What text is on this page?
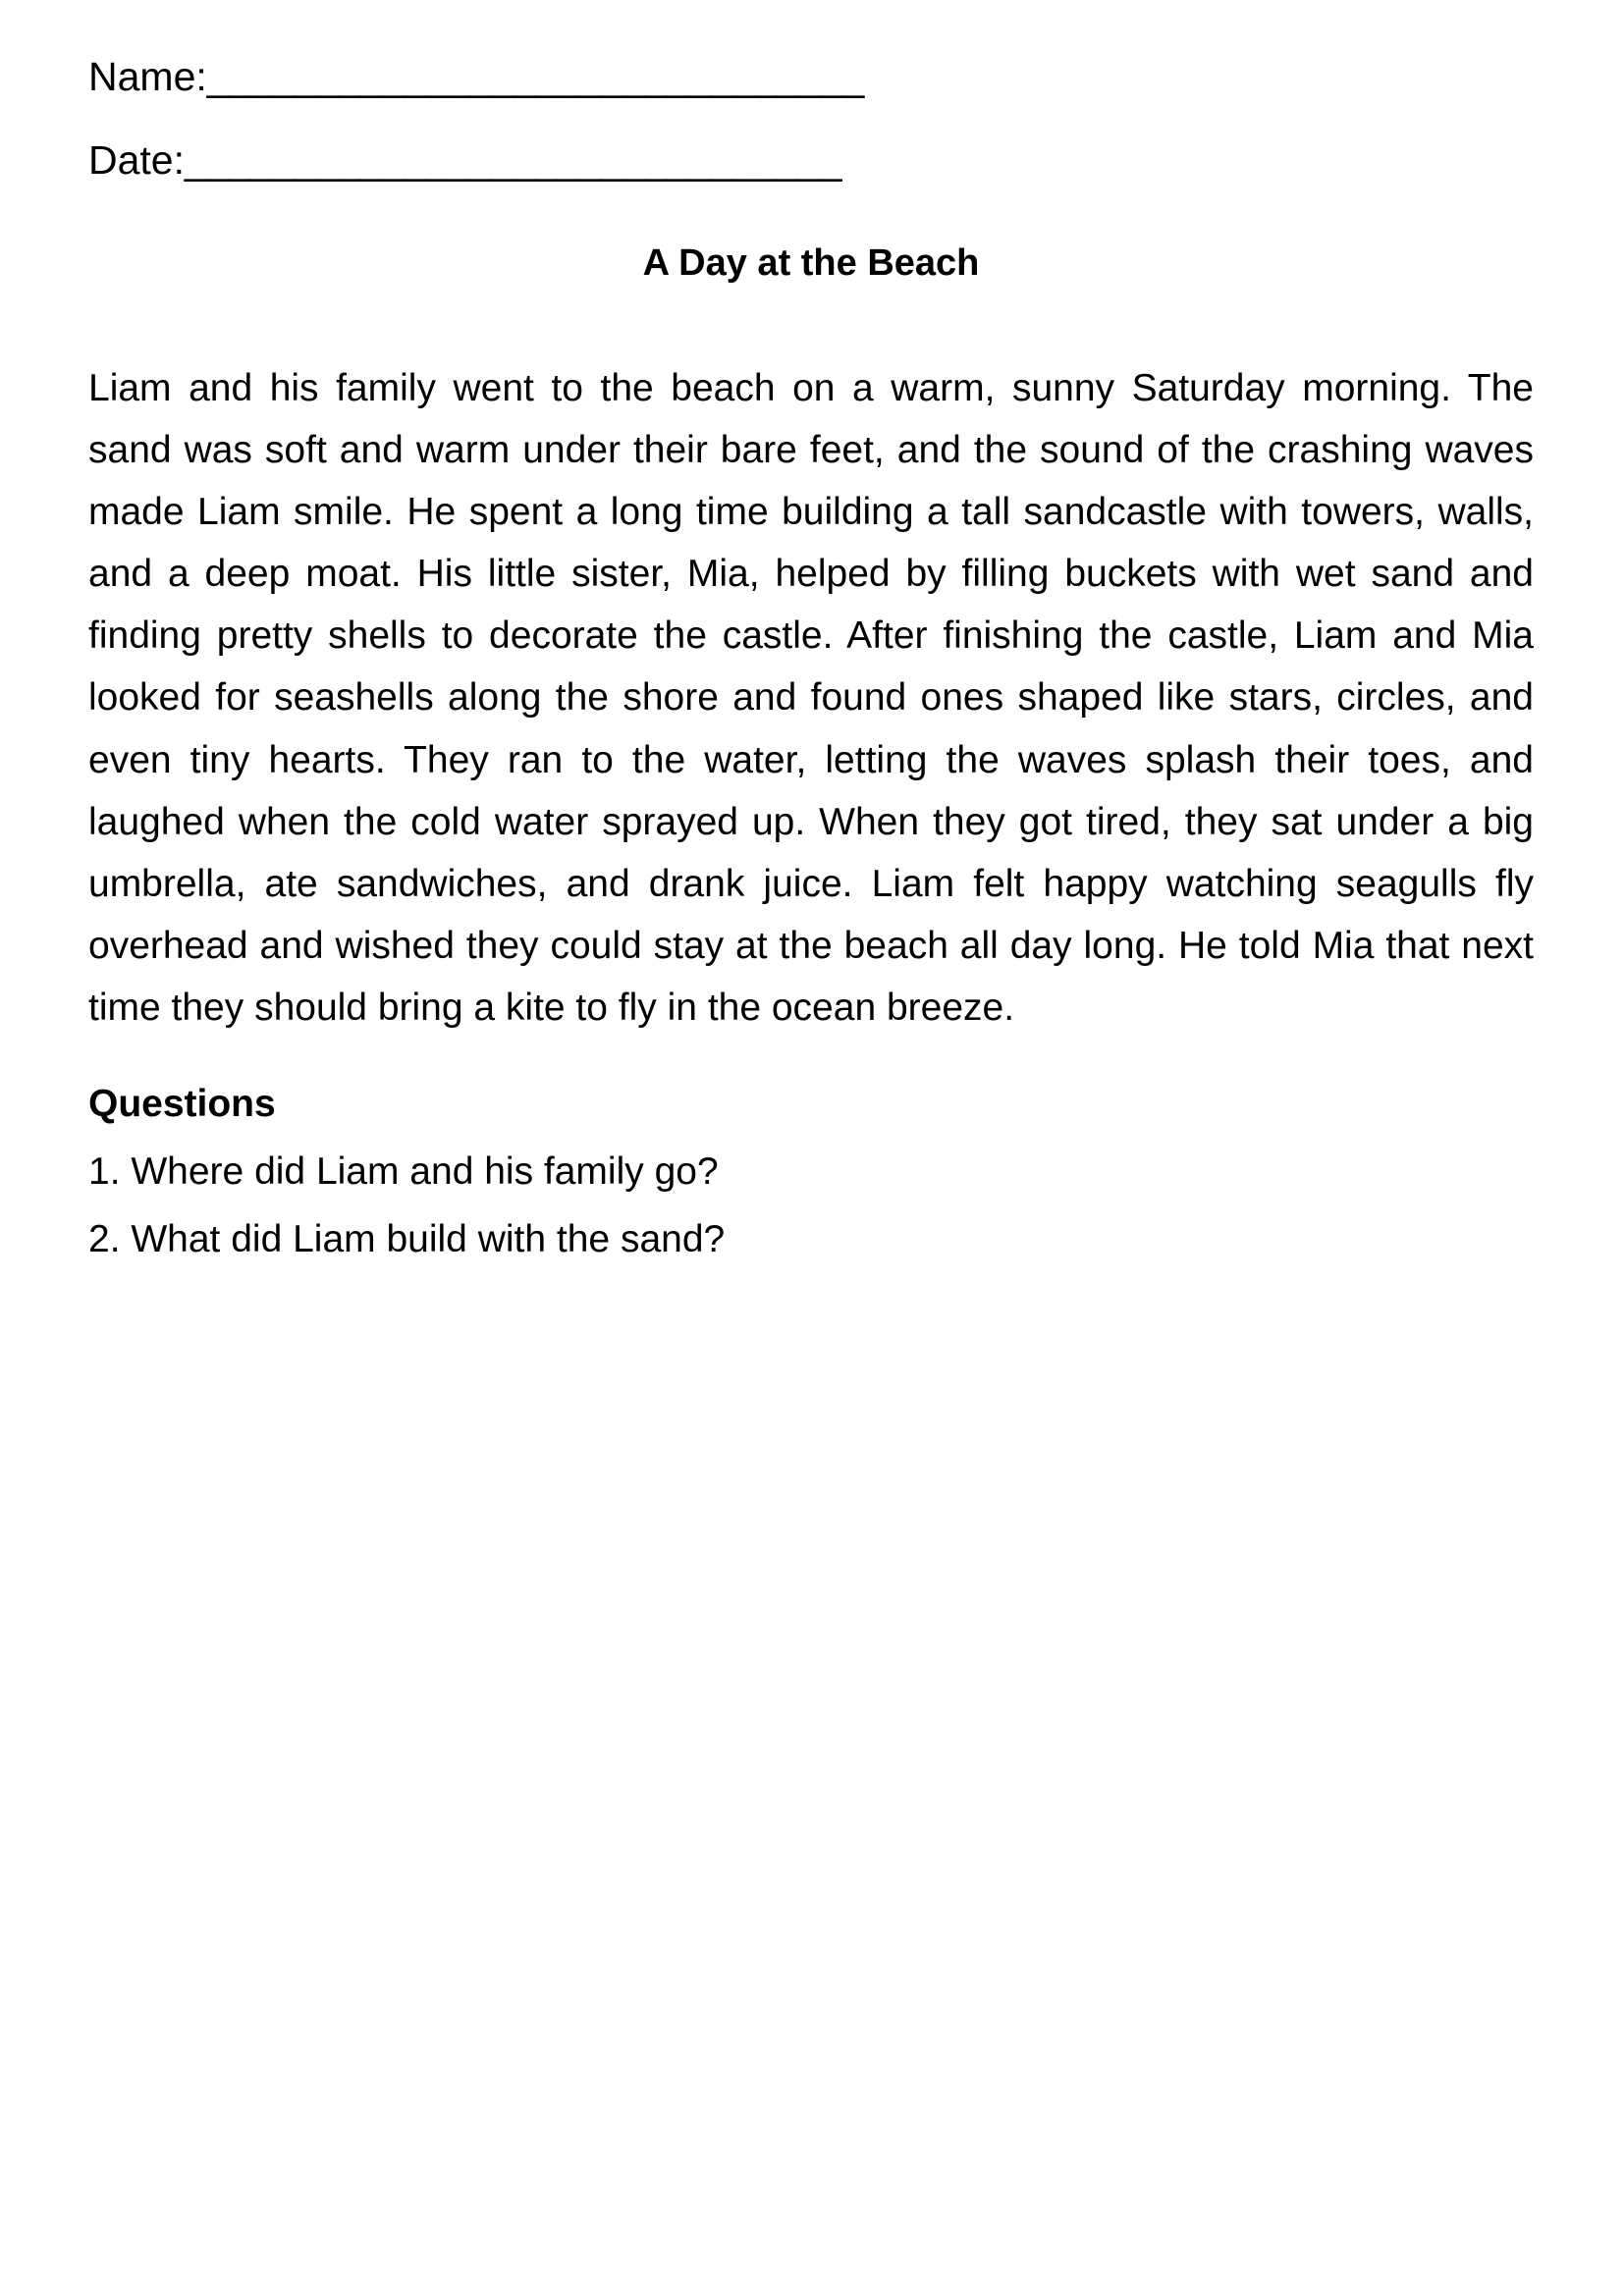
Name:______________________________
Date:______________________________
A Day at the Beach
Liam and his family went to the beach on a warm, sunny Saturday morning. The sand was soft and warm under their bare feet, and the sound of the crashing waves made Liam smile. He spent a long time building a tall sandcastle with towers, walls, and a deep moat. His little sister, Mia, helped by filling buckets with wet sand and finding pretty shells to decorate the castle. After finishing the castle, Liam and Mia looked for seashells along the shore and found ones shaped like stars, circles, and even tiny hearts. They ran to the water, letting the waves splash their toes, and laughed when the cold water sprayed up. When they got tired, they sat under a big umbrella, ate sandwiches, and drank juice. Liam felt happy watching seagulls fly overhead and wished they could stay at the beach all day long. He told Mia that next time they should bring a kite to fly in the ocean breeze.
Questions
1. Where did Liam and his family go?
2. What did Liam build with the sand?
